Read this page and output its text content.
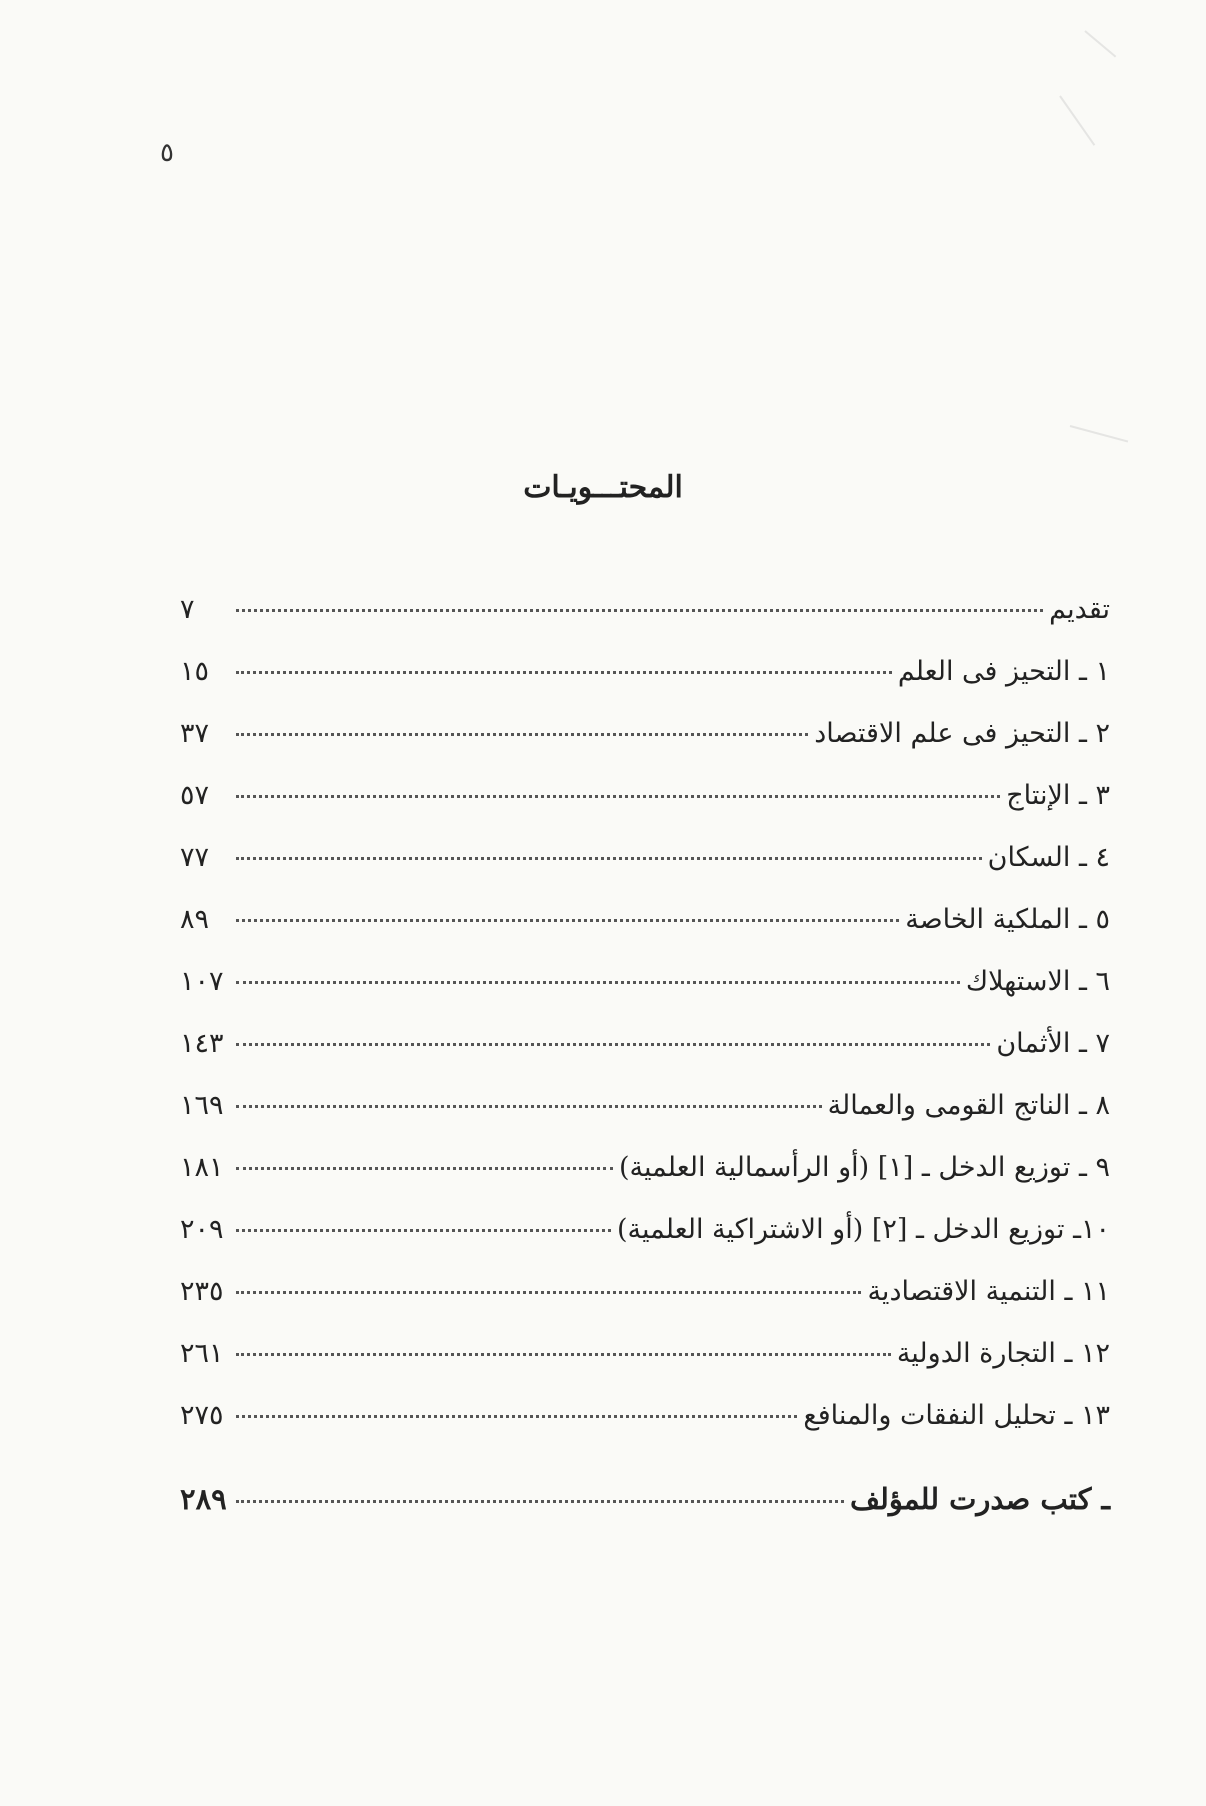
٥
المحتـــويـات
تقديم
٧
١ ـ التحيز فى العلم
١٥
٢ ـ التحيز فى علم الاقتصاد
٣٧
٣ ـ الإنتاج
٥٧
٤ ـ السكان
٧٧
٥ ـ الملكية الخاصة
٨٩
٦ ـ الاستهلاك
١٠٧
٧ ـ الأثمان
١٤٣
٨ ـ الناتج القومى والعمالة
١٦٩
٩ ـ توزيع الدخل ـ [١] (أو الرأسمالية العلمية)
١٨١
١٠ـ توزيع الدخل ـ [٢] (أو الاشتراكية العلمية)
٢٠٩
١١ ـ التنمية الاقتصادية
٢٣٥
١٢ ـ التجارة الدولية
٢٦١
١٣ ـ تحليل النفقات والمنافع
٢٧٥
ـ كتب صدرت للمؤلف
٢٨٩
